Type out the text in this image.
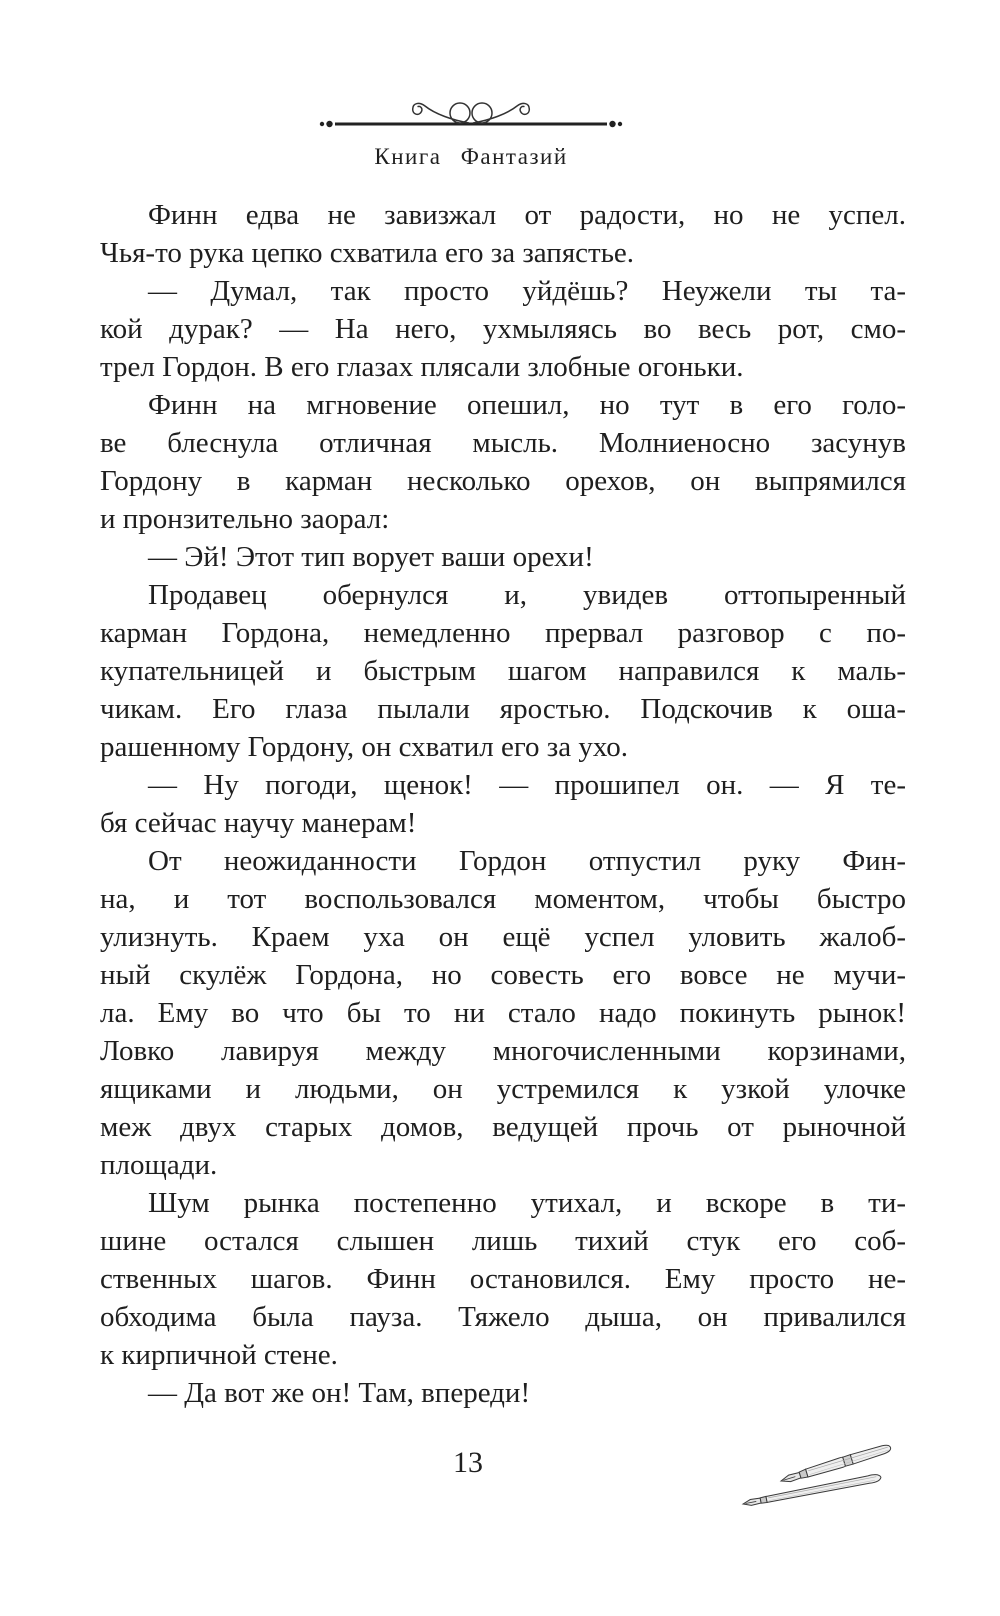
Книга Фантазий
Финн едва не завизжал от радости, но не успел.
Чья-то рука цепко схватила его за запястье.
— Думал, так просто уйдёшь? Неужели ты та-
кой дурак? — На него, ухмыляясь во весь рот, смо-
трел Гордон. В его глазах плясали злобные огоньки.
Финн на мгновение опешил, но тут в его голо-
ве блеснула отличная мысль. Молниеносно засунув
Гордону в карман несколько орехов, он выпрямился
и пронзительно заорал:
— Эй! Этот тип ворует ваши орехи!
Продавец обернулся и, увидев оттопыренный
карман Гордона, немедленно прервал разговор с по-
купательницей и быстрым шагом направился к маль-
чикам. Его глаза пылали яростью. Подскочив к оша-
рашенному Гордону, он схватил его за ухо.
— Ну погоди, щенок! — прошипел он. — Я те-
бя сейчас научу манерам!
От неожиданности Гордон отпустил руку Фин-
на, и тот воспользовался моментом, чтобы быстро
улизнуть. Краем уха он ещё успел уловить жалоб-
ный скулёж Гордона, но совесть его вовсе не мучи-
ла. Ему во что бы то ни стало надо покинуть рынок!
Ловко лавируя между многочисленными корзинами,
ящиками и людьми, он устремился к узкой улочке
меж двух старых домов, ведущей прочь от рыночной
площади.
Шум рынка постепенно утихал, и вскоре в ти-
шине остался слышен лишь тихий стук его соб-
ственных шагов. Финн остановился. Ему просто не-
обходима была пауза. Тяжело дыша, он привалился
к кирпичной стене.
— Да вот же он! Там, впереди!
13
